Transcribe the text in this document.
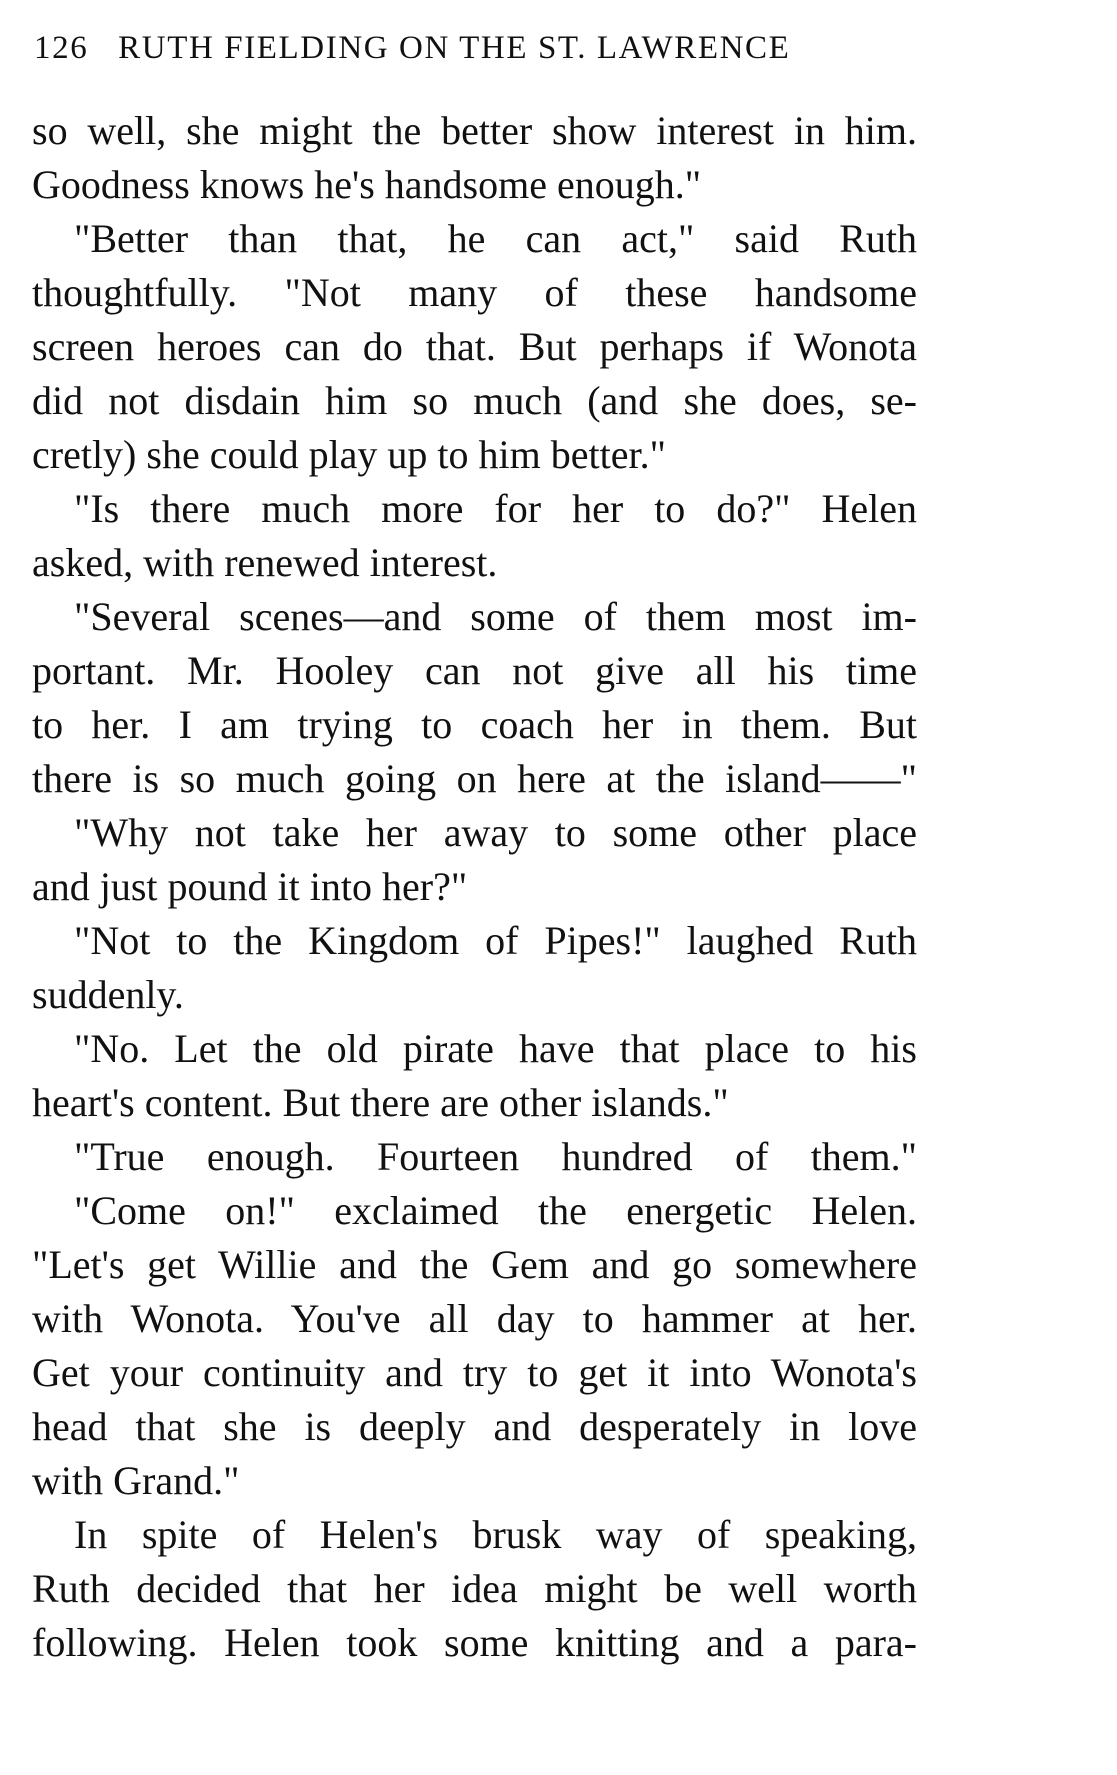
126 RUTH FIELDING ON THE ST. LAWRENCE
so well, she might the better show interest in him.
Goodness knows he's handsome enough."
"Better than that, he can act," said Ruth
thoughtfully. "Not many of these handsome
screen heroes can do that. But perhaps if Wonota
did not disdain him so much (and she does, se-
cretly) she could play up to him better."
"Is there much more for her to do?" Helen
asked, with renewed interest.
"Several scenes—and some of them most im-
portant. Mr. Hooley can not give all his time
to her. I am trying to coach her in them. But
there is so much going on here at the island——"
"Why not take her away to some other place
and just pound it into her?"
"Not to the Kingdom of Pipes!" laughed Ruth
suddenly.
"No. Let the old pirate have that place to his
heart's content. But there are other islands."
"True enough. Fourteen hundred of them."
"Come on!" exclaimed the energetic Helen.
"Let's get Willie and the Gem and go somewhere
with Wonota. You've all day to hammer at her.
Get your continuity and try to get it into Wonota's
head that she is deeply and desperately in love
with Grand."
In spite of Helen's brusk way of speaking,
Ruth decided that her idea might be well worth
following. Helen took some knitting and a para-
